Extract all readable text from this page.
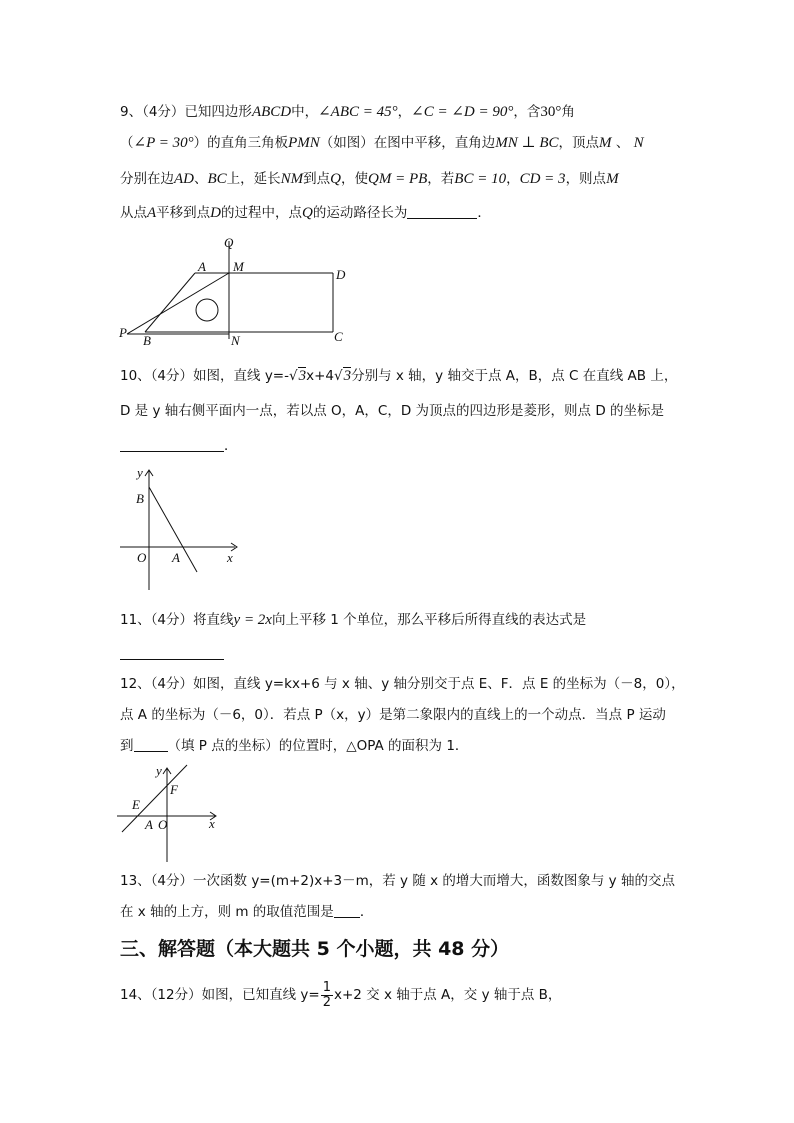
9、（4分）已知四边形ABCD中，∠ABC = 45°，∠C = ∠D = 90°，含30°角
（∠P = 30°）的直角三角板PMN（如图）在图中平移，直角边MN ⊥ BC，顶点M 、 N
分别在边AD、BC上，延长NM到点Q，使QM = PB，若BC = 10，CD = 3，则点M
从点A平移到点D的过程中，点Q的运动路径长为	．
Q
A M
D
P
B	N	C
10、（4分）如图，直线 y=-√3x+4√3分别与 x 轴，y 轴交于点 A，B，点 C 在直线 AB 上，
D 是 y 轴右侧平面内一点，若以点 O，A，C，D 为顶点的四边形是菱形，则点 D 的坐标是
．
y
B
O A	x
11、（4分）将直线y = 2x向上平移 1 个单位，那么平移后所得直线的表达式是
12、（4分）如图，直线 y=kx+6 与 x 轴、y 轴分别交于点 E、F．点 E 的坐标为（－8，0），
点 A 的坐标为（－6，0）．若点 P（x，y）是第二象限内的直线上的一个动点．当点 P 运动
到	（填 P 点的坐标）的位置时，△OPA 的面积为 1．
y
F
E
A O	x
13、（4分）一次函数 y=(m+2)x+3－m，若 y 随 x 的增大而增大，函数图象与 y 轴的交点
在 x 轴的上方，则 m 的取值范围是 ．
三、解答题（本大题共 5 个小题，共 48 分）
14、（12分）如图，已知直线 $y= \frac{1}{2} x+2$ 交 x 轴于点 A，交 y 轴于点 B，
